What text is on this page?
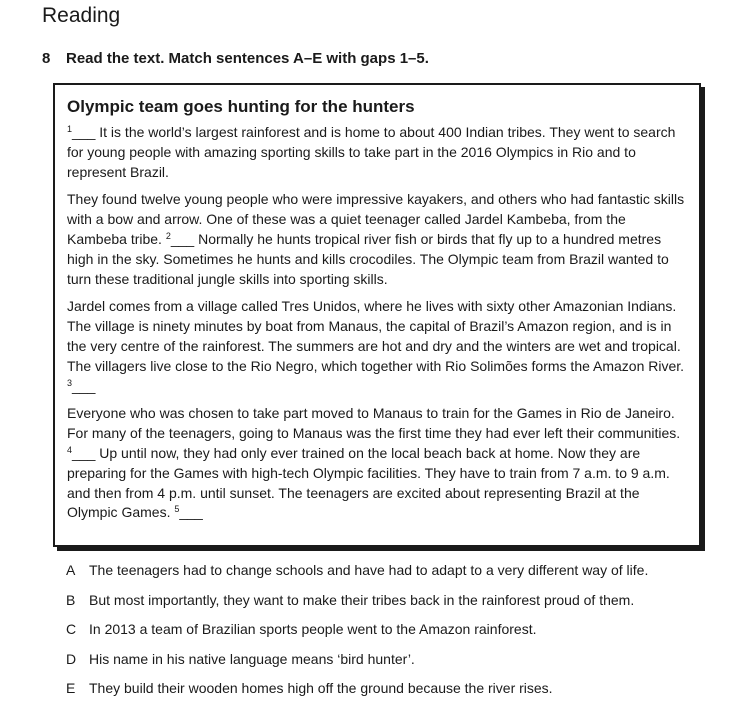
Reading
8 Read the text. Match sentences A–E with gaps 1–5.
Olympic team goes hunting for the hunters

$^1$___ It is the world’s largest rainforest and is home to about 400 Indian tribes. They went to search for young people with amazing sporting skills to take part in the 2016 Olympics in Rio and to represent Brazil.

They found twelve young people who were impressive kayakers, and others who had fantastic skills with a bow and arrow. One of these was a quiet teenager called Jardel Kambeba, from the Kambeba tribe. $^2$___ Normally he hunts tropical river fish or birds that fly up to a hundred metres high in the sky. Sometimes he hunts and kills crocodiles. The Olympic team from Brazil wanted to turn these traditional jungle skills into sporting skills.

Jardel comes from a village called Tres Unidos, where he lives with sixty other Amazonian Indians. The village is ninety minutes by boat from Manaus, the capital of Brazil’s Amazon region, and is in the very centre of the rainforest. The summers are hot and dry and the winters are wet and tropical. The villagers live close to the Rio Negro, which together with Rio Solimões forms the Amazon River. $^3$___

Everyone who was chosen to take part moved to Manaus to train for the Games in Rio de Janeiro. For many of the teenagers, going to Manaus was the first time they had ever left their communities. $^4$___ Up until now, they had only ever trained on the local beach back at home. Now they are preparing for the Games with high-tech Olympic facilities. They have to train from 7 a.m. to 9 a.m. and then from 4 p.m. until sunset. The teenagers are excited about representing Brazil at the Olympic Games. $^5$___

A The teenagers had to change schools and have had to adapt to a very different way of life.
B But most importantly, they want to make their tribes back in the rainforest proud of them.
C In 2013 a team of Brazilian sports people went to the Amazon rainforest.
D His name in his native language means ‘bird hunter’.
E They build their wooden homes high off the ground because the river rises.
